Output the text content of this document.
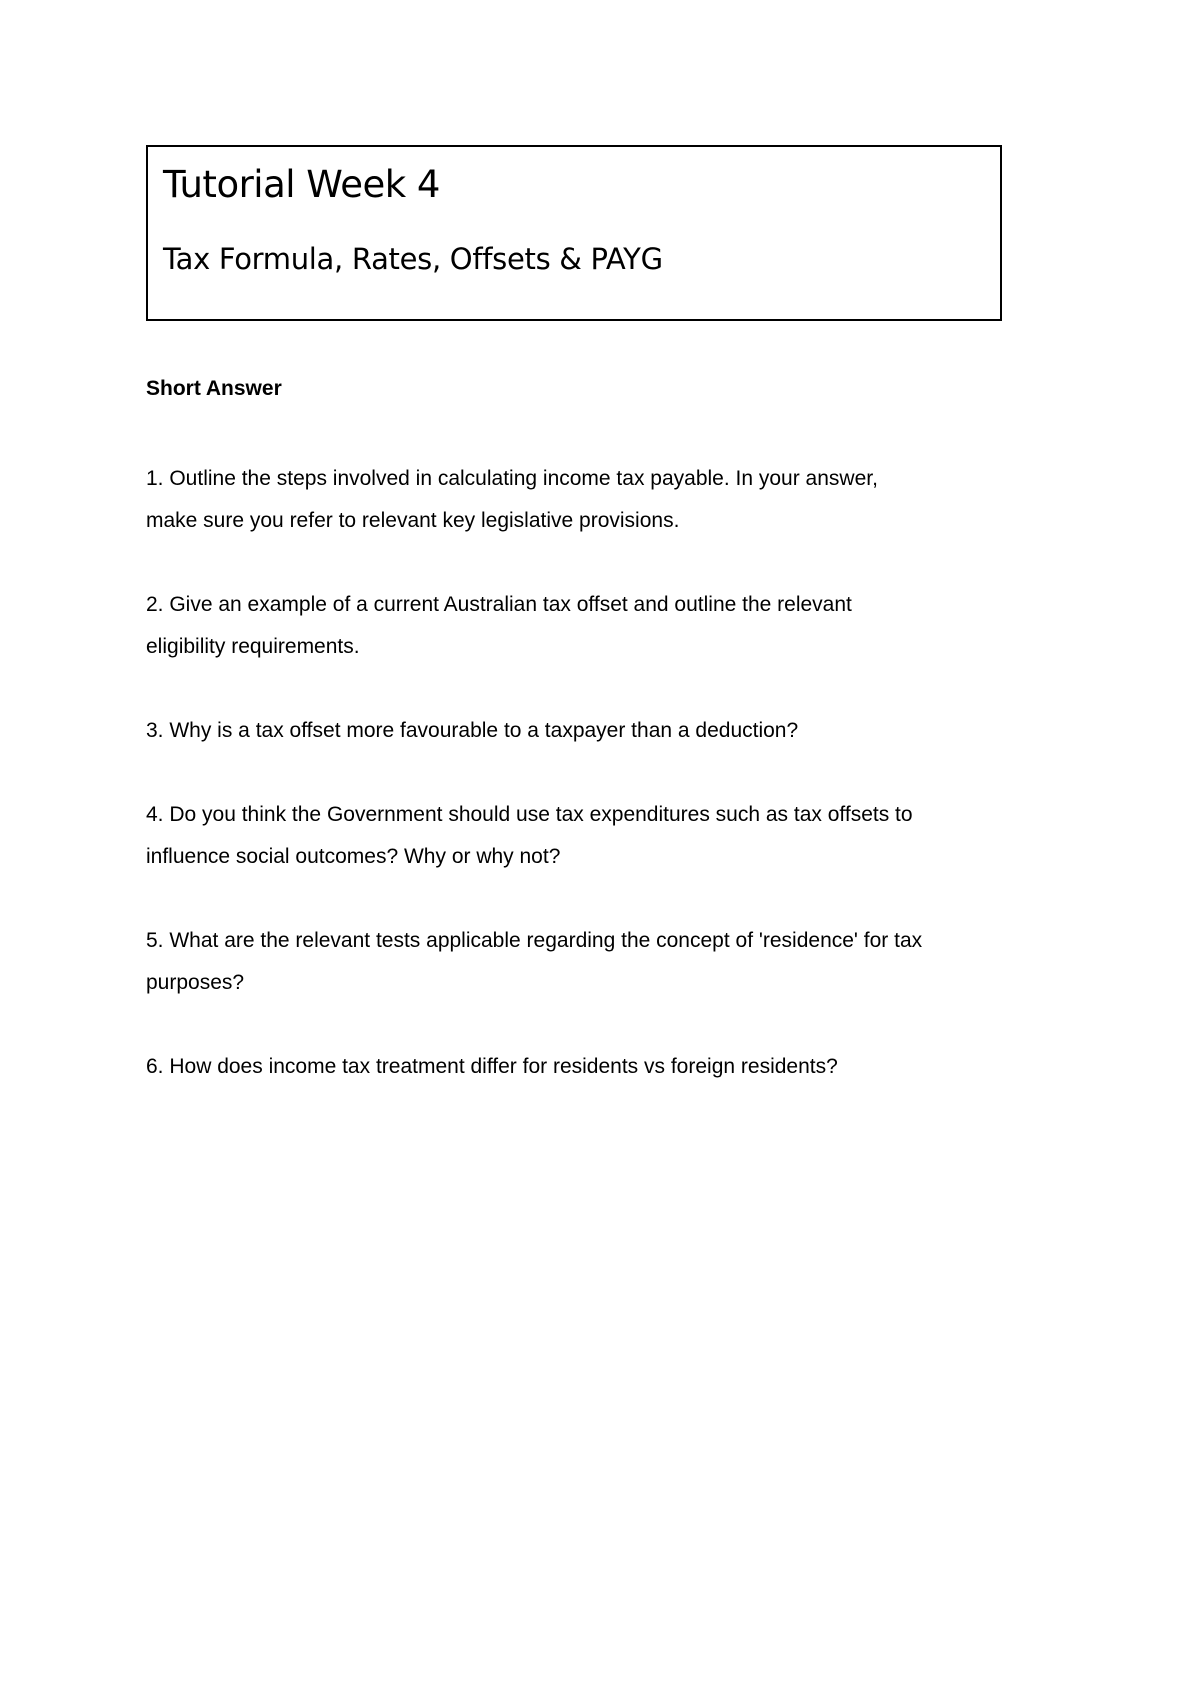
Tutorial Week 4
Tax Formula, Rates, Offsets & PAYG
Short Answer
1. Outline the steps involved in calculating income tax payable. In your answer,
make sure you refer to relevant key legislative provisions.
2. Give an example of a current Australian tax offset and outline the relevant
eligibility requirements.
3. Why is a tax offset more favourable to a taxpayer than a deduction?
4. Do you think the Government should use tax expenditures such as tax offsets to
influence social outcomes? Why or why not?
5. What are the relevant tests applicable regarding the concept of 'residence' for tax
purposes?
6. How does income tax treatment differ for residents vs foreign residents?
